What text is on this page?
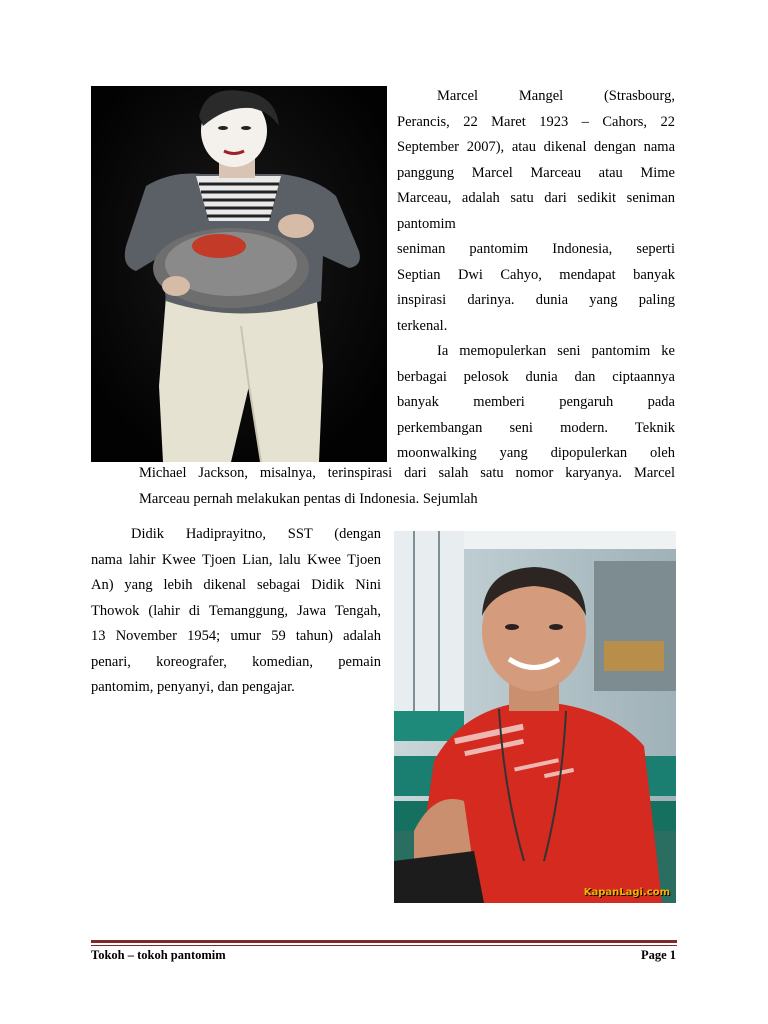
Marcel Mangel (Strasbourg,
Perancis, 22 Maret 1923 – Cahors, 22
September 2007), atau dikenal dengan nama
panggung Marcel Marceau atau Mime
Marceau, adalah satu dari sedikit seniman
pantomim
seniman pantomim Indonesia, seperti
Septian Dwi Cahyo, mendapat banyak
inspirasi darinya. dunia yang paling
terkenal.
Ia memopulerkan seni pantomim ke
berbagai pelosok dunia dan ciptaannya
banyak memberi pengaruh pada
perkembangan seni modern. Teknik
moonwalking yang dipopulerkan oleh
Michael Jackson, misalnya, terinspirasi dari salah satu nomor karyanya. Marcel
Marceau pernah melakukan pentas di Indonesia. Sejumlah
KapanLagi.com
Didik Hadiprayitno, SST (dengan
nama lahir Kwee Tjoen Lian, lalu Kwee Tjoen
An) yang lebih dikenal sebagai Didik Nini
Thowok (lahir di Temanggung, Jawa Tengah,
13 November 1954; umur 59 tahun) adalah
penari, koreografer, komedian, pemain
pantomim, penyanyi, dan pengajar.
Tokoh – tokoh pantomim	Page 1
